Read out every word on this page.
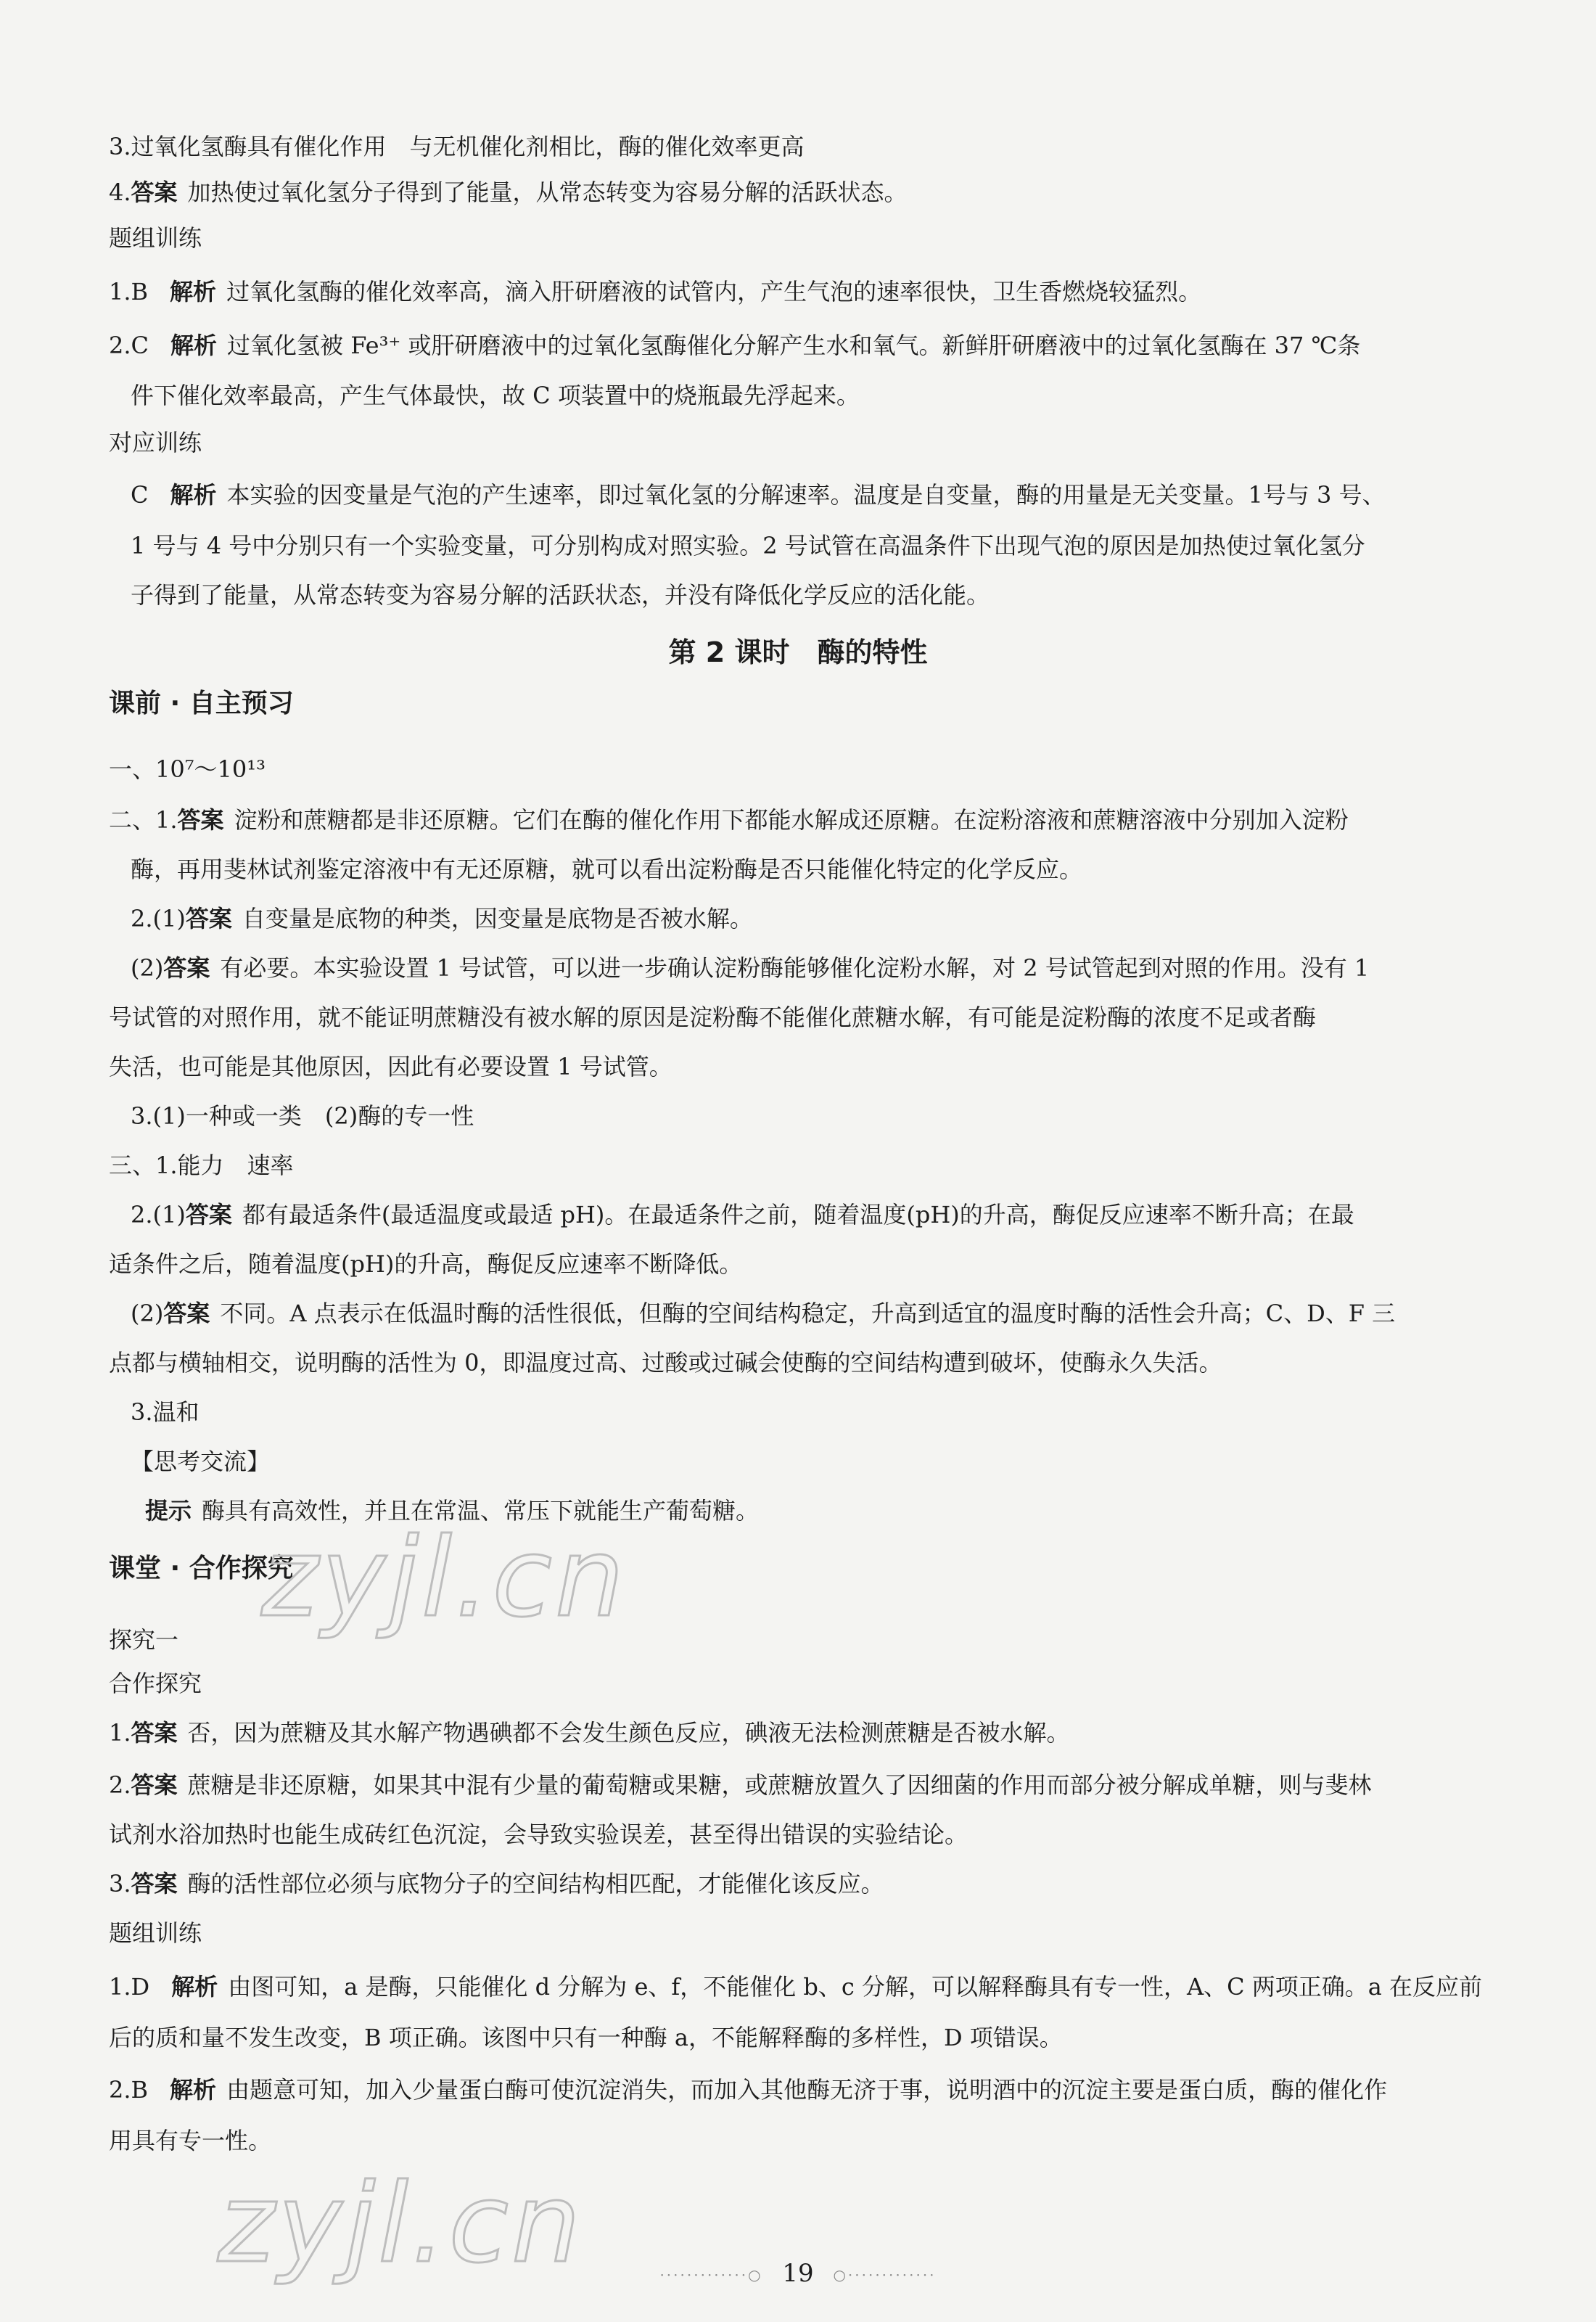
3.过氧化氢酶具有催化作用　与无机催化剂相比，酶的催化效率更高
4.答案 加热使过氧化氢分子得到了能量，从常态转变为容易分解的活跃状态。
题组训练
1.B 解析 过氧化氢酶的催化效率高，滴入肝研磨液的试管内，产生气泡的速率很快，卫生香燃烧较猛烈。
2.C 解析 过氧化氢被 Fe³⁺ 或肝研磨液中的过氧化氢酶催化分解产生水和氧气。新鲜肝研磨液中的过氧化氢酶在 37 ℃条
件下催化效率最高，产生气体最快，故 C 项装置中的烧瓶最先浮起来。
对应训练
C 解析 本实验的因变量是气泡的产生速率，即过氧化氢的分解速率。温度是自变量，酶的用量是无关变量。1号与 3 号、
1 号与 4 号中分别只有一个实验变量，可分别构成对照实验。2 号试管在高温条件下出现气泡的原因是加热使过氧化氢分
子得到了能量，从常态转变为容易分解的活跃状态，并没有降低化学反应的活化能。
第 2 课时　酶的特性
课前 · 自主预习
一、10⁷～10¹³
二、1.答案 淀粉和蔗糖都是非还原糖。它们在酶的催化作用下都能水解成还原糖。在淀粉溶液和蔗糖溶液中分别加入淀粉
酶，再用斐林试剂鉴定溶液中有无还原糖，就可以看出淀粉酶是否只能催化特定的化学反应。
2.(1)答案 自变量是底物的种类，因变量是底物是否被水解。
(2)答案 有必要。本实验设置 1 号试管，可以进一步确认淀粉酶能够催化淀粉水解，对 2 号试管起到对照的作用。没有 1
号试管的对照作用，就不能证明蔗糖没有被水解的原因是淀粉酶不能催化蔗糖水解，有可能是淀粉酶的浓度不足或者酶
失活，也可能是其他原因，因此有必要设置 1 号试管。
3.(1)一种或一类　(2)酶的专一性
三、1.能力　速率
2.(1)答案 都有最适条件(最适温度或最适 pH)。在最适条件之前，随着温度(pH)的升高，酶促反应速率不断升高；在最
适条件之后，随着温度(pH)的升高，酶促反应速率不断降低。
(2)答案 不同。A 点表示在低温时酶的活性很低，但酶的空间结构稳定，升高到适宜的温度时酶的活性会升高；C、D、F 三
点都与横轴相交，说明酶的活性为 0，即温度过高、过酸或过碱会使酶的空间结构遭到破坏，使酶永久失活。
3.温和
【思考交流】
提示 酶具有高效性，并且在常温、常压下就能生产葡萄糖。
课堂 · 合作探究
探究一
合作探究
1.答案 否，因为蔗糖及其水解产物遇碘都不会发生颜色反应，碘液无法检测蔗糖是否被水解。
2.答案 蔗糖是非还原糖，如果其中混有少量的葡萄糖或果糖，或蔗糖放置久了因细菌的作用而部分被分解成单糖，则与斐林
试剂水浴加热时也能生成砖红色沉淀，会导致实验误差，甚至得出错误的实验结论。
3.答案 酶的活性部位必须与底物分子的空间结构相匹配，才能催化该反应。
题组训练
1.D 解析 由图可知，a 是酶，只能催化 d 分解为 e、f，不能催化 b、c 分解，可以解释酶具有专一性，A、C 两项正确。a 在反应前
后的质和量不发生改变，B 项正确。该图中只有一种酶 a，不能解释酶的多样性，D 项错误。
2.B 解析 由题意可知，加入少量蛋白酶可使沉淀消失，而加入其他酶无济于事，说明酒中的沉淀主要是蛋白质，酶的催化作
用具有专一性。
zyjl.cn
zyjl.cn	·············○ 19 ○·············
